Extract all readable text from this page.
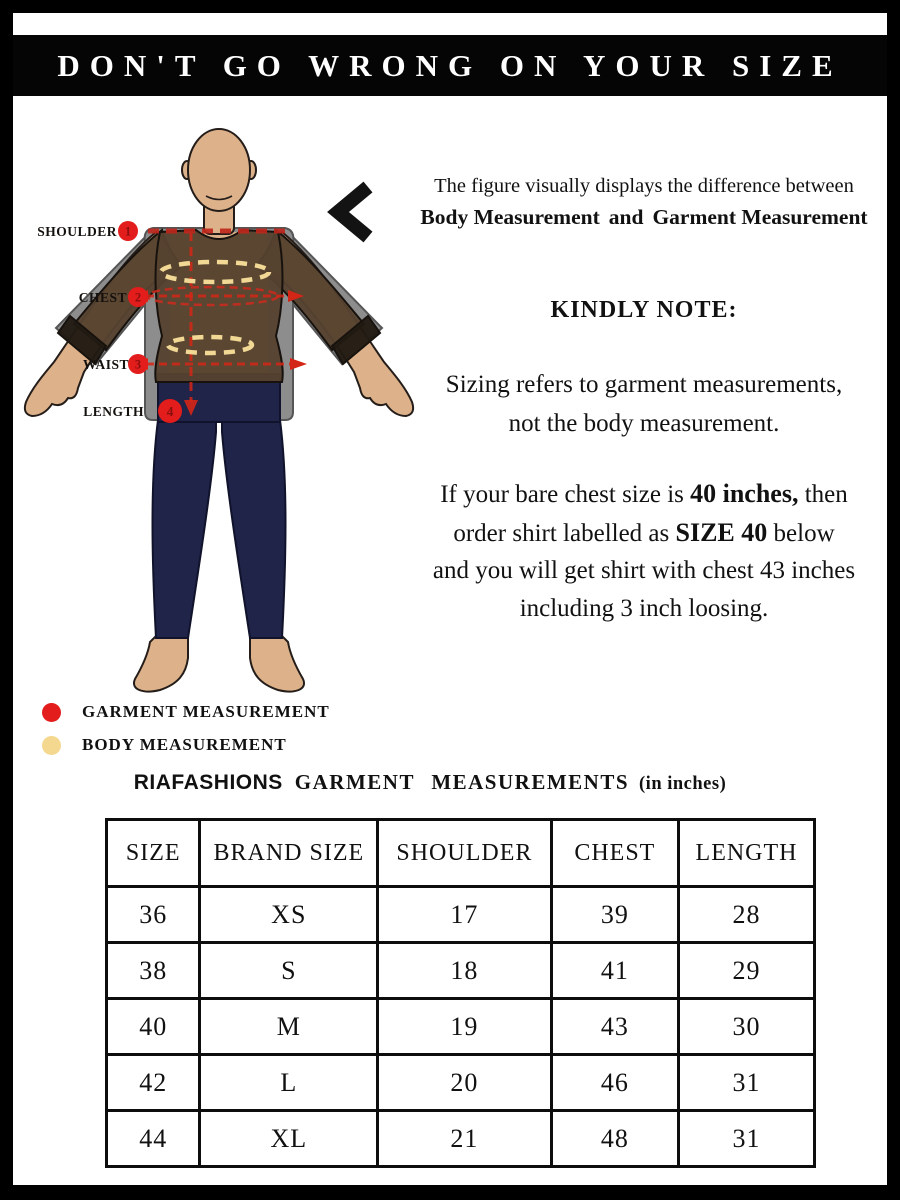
DON'T GO WRONG ON YOUR SIZE
1
2
3
4
SHOULDER
CHEST
WAIST
LENGTH
The figure visually displays the difference between
Body Measurement and Garment Measurement
KINDLY NOTE:
Sizing refers to garment measurements,
not the body measurement.
If your bare chest size is 40 inches, then
order shirt labelled as SIZE 40 below
and you will get shirt with chest 43 inches
including 3 inch loosing.
GARMENT MEASUREMENT
BODY MEASUREMENT
RIAFASHIONS GARMENT MEASUREMENTS (in inches)
SIZE	BRAND SIZE	SHOULDER	CHEST	LENGTH
36	XS	17	39	28
38	S	18	41	29
40	M	19	43	30
42	L	20	46	31
44	XL	21	48	31
